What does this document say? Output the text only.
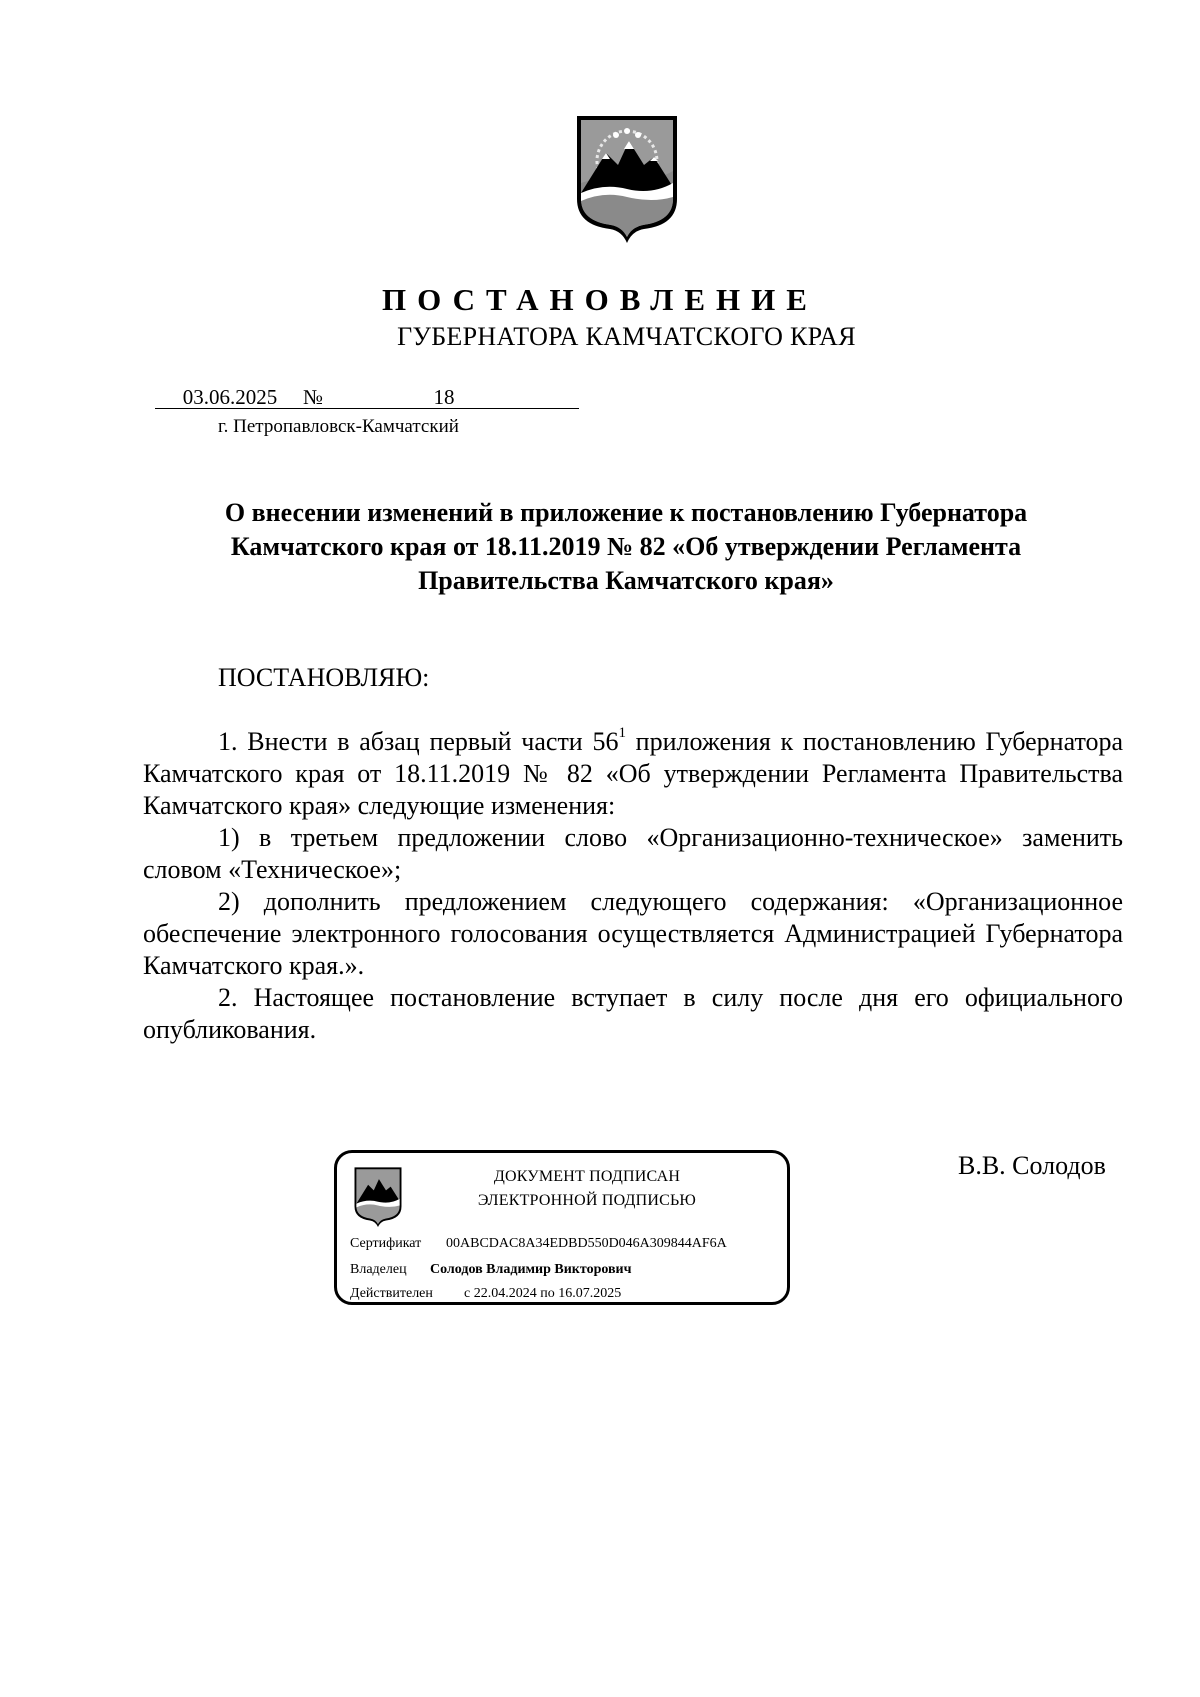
ПОСТАНОВЛЕНИЕ
ГУБЕРНАТОРА КАМЧАТСКОГО КРАЯ
03.06.2025	18
№
г. Петропавловск-Камчатский
О внесении изменений в приложение к постановлению Губернатора
Камчатского края от 18.11.2019 № 82 «Об утверждении Регламента
Правительства Камчатского края»
ПОСТАНОВЛЯЮ:

1. Внести в абзац первый части $56^1$ приложения к постановлению Губернатора Камчатского края от 18.11.2019 № 82 «Об утверждении Регламента Правительства Камчатского края» следующие изменения:

1) в третьем предложении слово «Организационно-техническое» заменить словом «Техническое»;

2) дополнить предложением следующего содержания: «Организационное обеспечение электронного голосования осуществляется Администрацией Губернатора Камчатского края.».

2. Настоящее постановление вступает в силу после дня его официального опубликования.

ДОКУМЕНТ ПОДПИСАН
ЭЛЕКТРОННОЙ ПОДПИСЬЮ
Сертификат 00ABCDAC8A34EDBD550D046A309844AF6A
Владелец Солодов Владимир Викторович
Действителен с 22.04.2024 по 16.07.2025
В.В. Солодов
